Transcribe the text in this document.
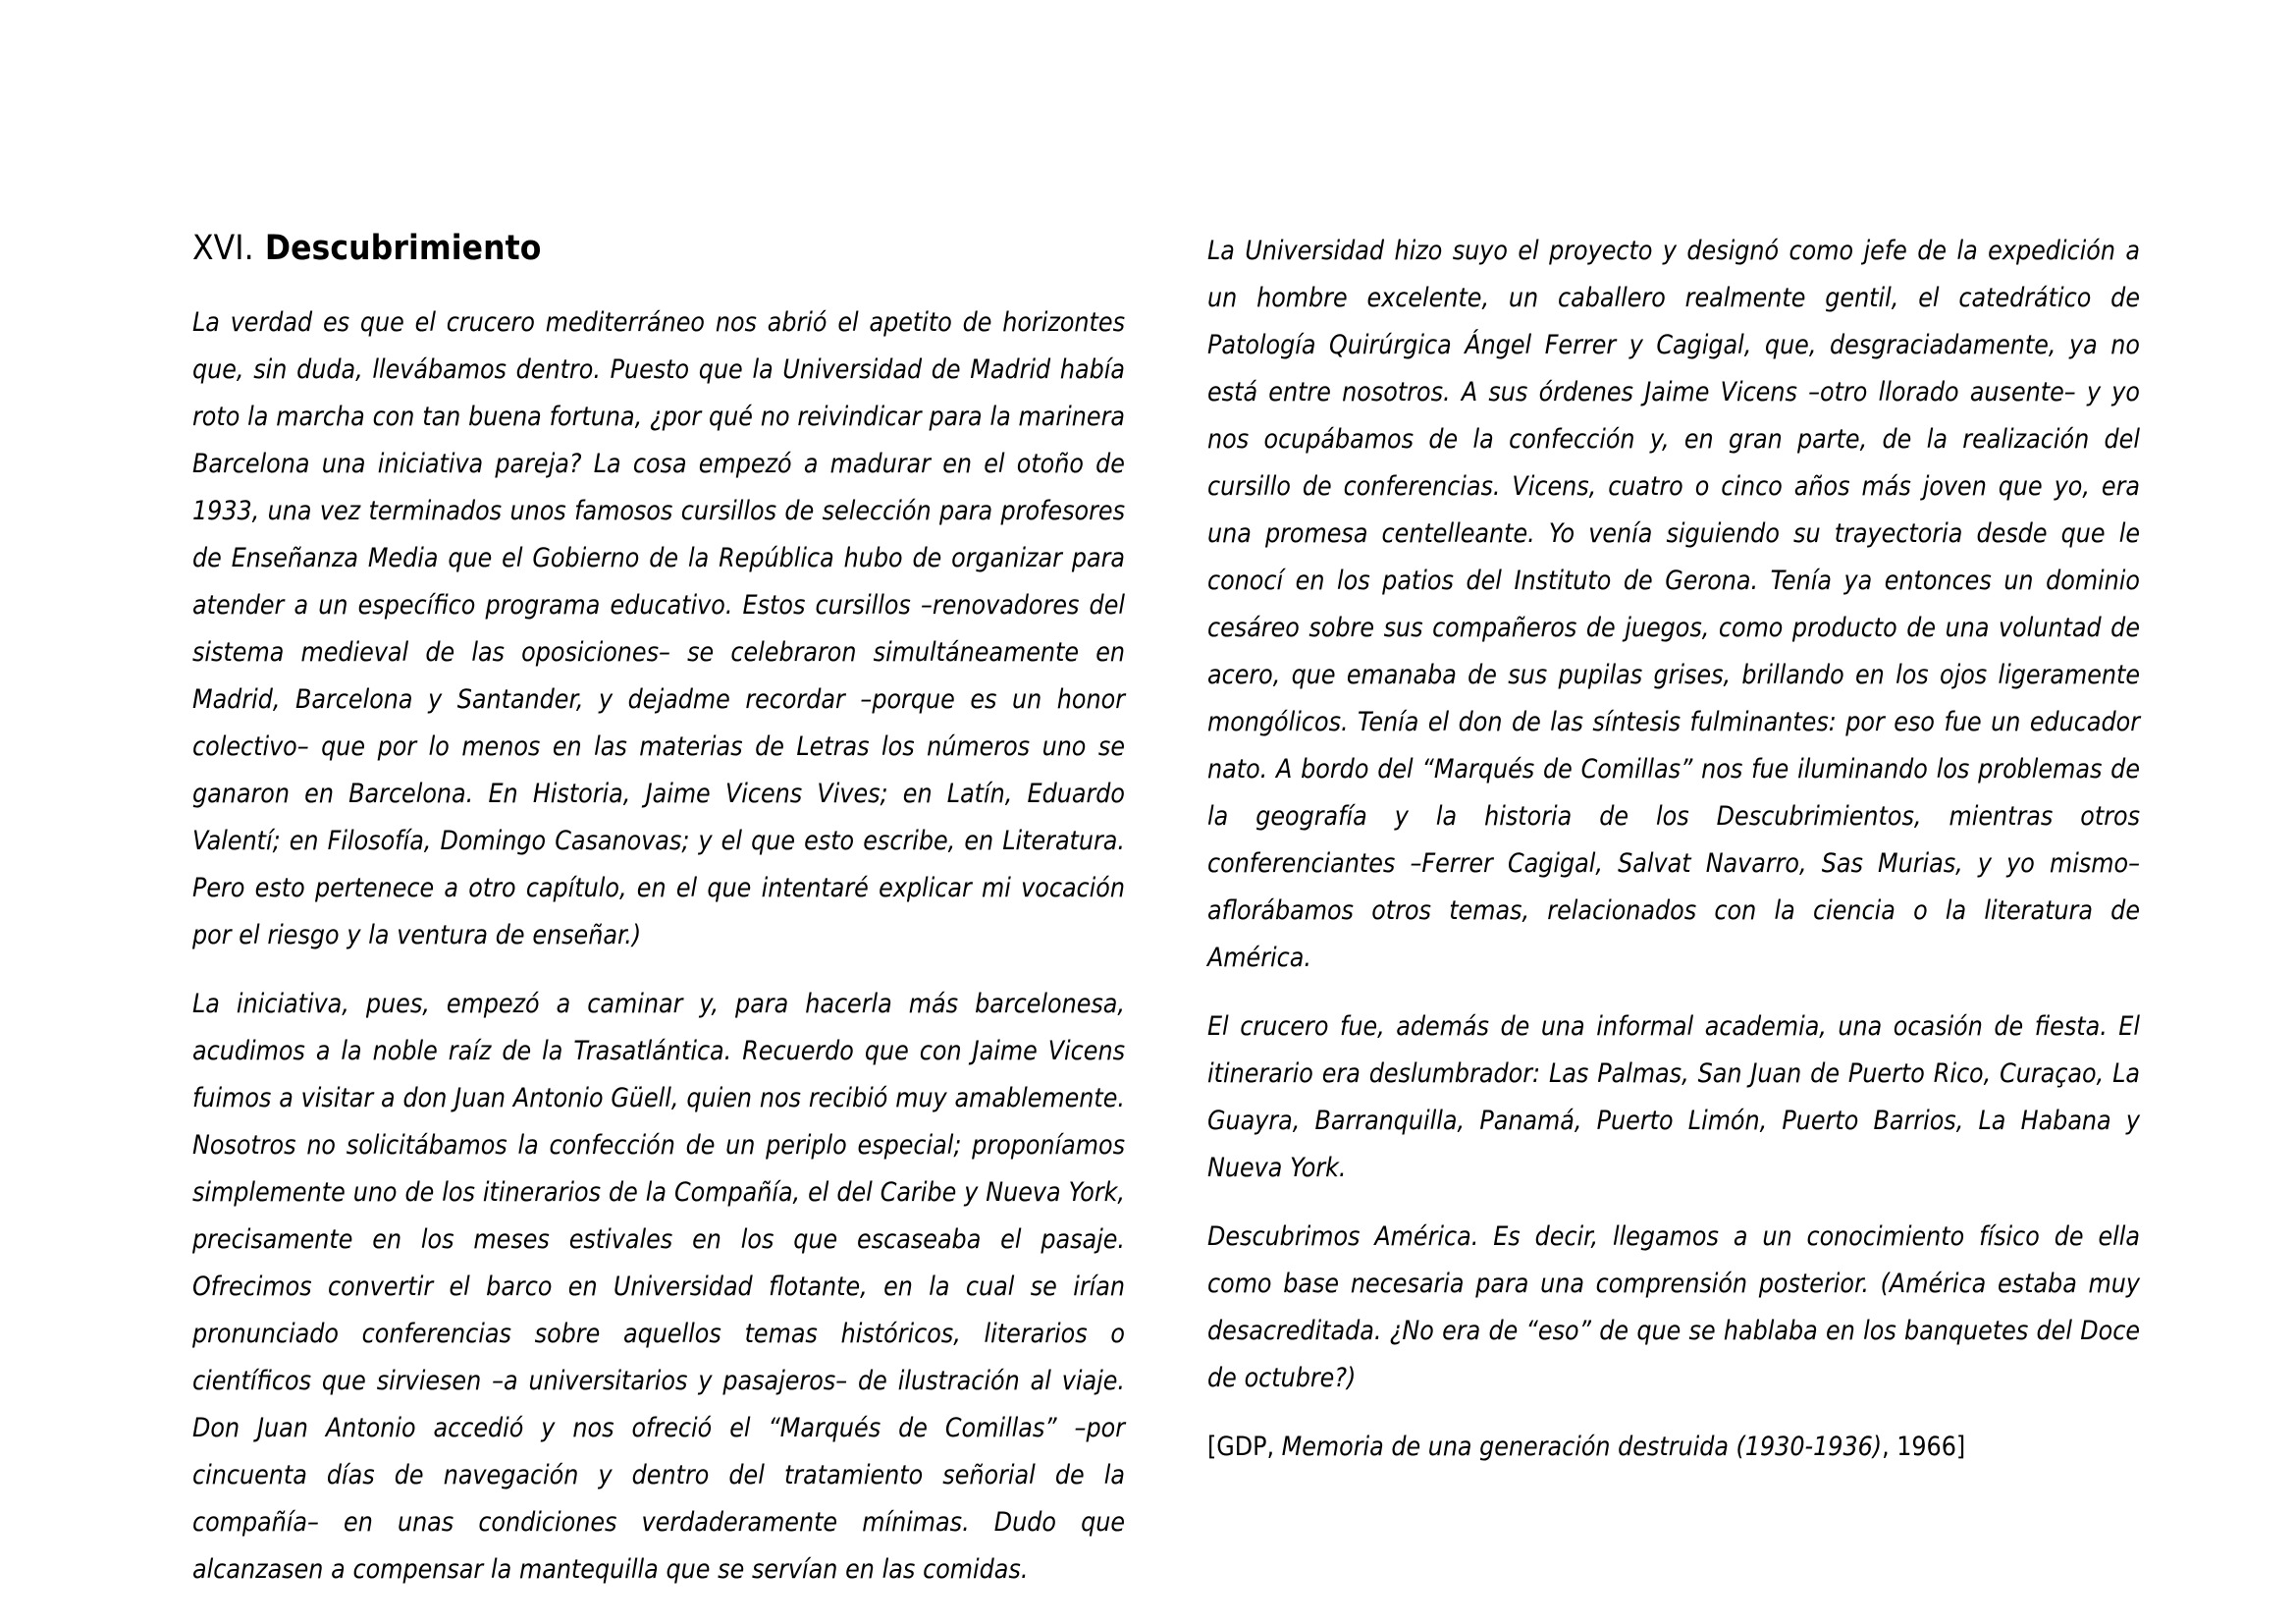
XVI. Descubrimiento

La verdad es que el crucero mediterráneo nos abrió el apetito de horizontes que, sin duda, llevábamos dentro. Puesto que la Universidad de Madrid había roto la marcha con tan buena fortuna, ¿por qué no reivindicar para la marinera Barcelona una iniciativa pareja? La cosa empezó a madurar en el otoño de 1933, una vez terminados unos famosos cursillos de selección para profesores de Enseñanza Media que el Gobierno de la República hubo de organizar para atender a un específico programa educativo. Estos cursillos –renovadores del sistema medieval de las oposiciones– se celebraron simultáneamente en Madrid, Barcelona y Santander, y dejadme recordar –porque es un honor colectivo– que por lo menos en las materias de Letras los números uno se ganaron en Barcelona. En Historia, Jaime Vicens Vives; en Latín, Eduardo Valentí; en Filosofía, Domingo Casanovas; y el que esto escribe, en Literatura. Pero esto pertenece a otro capítulo, en el que intentaré explicar mi vocación por el riesgo y la ventura de enseñar.)

La iniciativa, pues, empezó a caminar y, para hacerla más barcelonesa, acudimos a la noble raíz de la Trasatlántica. Recuerdo que con Jaime Vicens fuimos a visitar a don Juan Antonio Güell, quien nos recibió muy amablemente. Nosotros no solicitábamos la confección de un periplo especial; proponíamos simplemente uno de los itinerarios de la Compañía, el del Caribe y Nueva York, precisamente en los meses estivales en los que escaseaba el pasaje. Ofrecimos convertir el barco en Universidad flotante, en la cual se irían pronunciado conferencias sobre aquellos temas históricos, literarios o científicos que sirviesen –a universitarios y pasajeros– de ilustración al viaje. Don Juan Antonio accedió y nos ofreció el “Marqués de Comillas” –por cincuenta días de navegación y dentro del tratamiento señorial de la compañía– en unas condiciones verdaderamente mínimas. Dudo que alcanzasen a compensar la mantequilla que se servían en las comidas.

La Universidad hizo suyo el proyecto y designó como jefe de la expedición a un hombre excelente, un caballero realmente gentil, el catedrático de Patología Quirúrgica Ángel Ferrer y Cagigal, que, desgraciadamente, ya no está entre nosotros. A sus órdenes Jaime Vicens –otro llorado ausente– y yo nos ocupábamos de la confección y, en gran parte, de la realización del cursillo de conferencias. Vicens, cuatro o cinco años más joven que yo, era una promesa centelleante. Yo venía siguiendo su trayectoria desde que le conocí en los patios del Instituto de Gerona. Tenía ya entonces un dominio cesáreo sobre sus compañeros de juegos, como producto de una voluntad de acero, que emanaba de sus pupilas grises, brillando en los ojos ligeramente mongólicos. Tenía el don de las síntesis fulminantes: por eso fue un educador nato. A bordo del “Marqués de Comillas” nos fue iluminando los problemas de la geografía y la historia de los Descubrimientos, mientras otros conferenciantes –Ferrer Cagigal, Salvat Navarro, Sas Murias, y yo mismo– aflorábamos otros temas, relacionados con la ciencia o la literatura de América.

El crucero fue, además de una informal academia, una ocasión de fiesta. El itinerario era deslumbrador: Las Palmas, San Juan de Puerto Rico, Curaçao, La Guayra, Barranquilla, Panamá, Puerto Limón, Puerto Barrios, La Habana y Nueva York.

Descubrimos América. Es decir, llegamos a un conocimiento físico de ella como base necesaria para una comprensión posterior. (América estaba muy desacreditada. ¿No era de “eso” de que se hablaba en los banquetes del Doce de octubre?)

[GDP, Memoria de una generación destruida (1930-1936), 1966]
